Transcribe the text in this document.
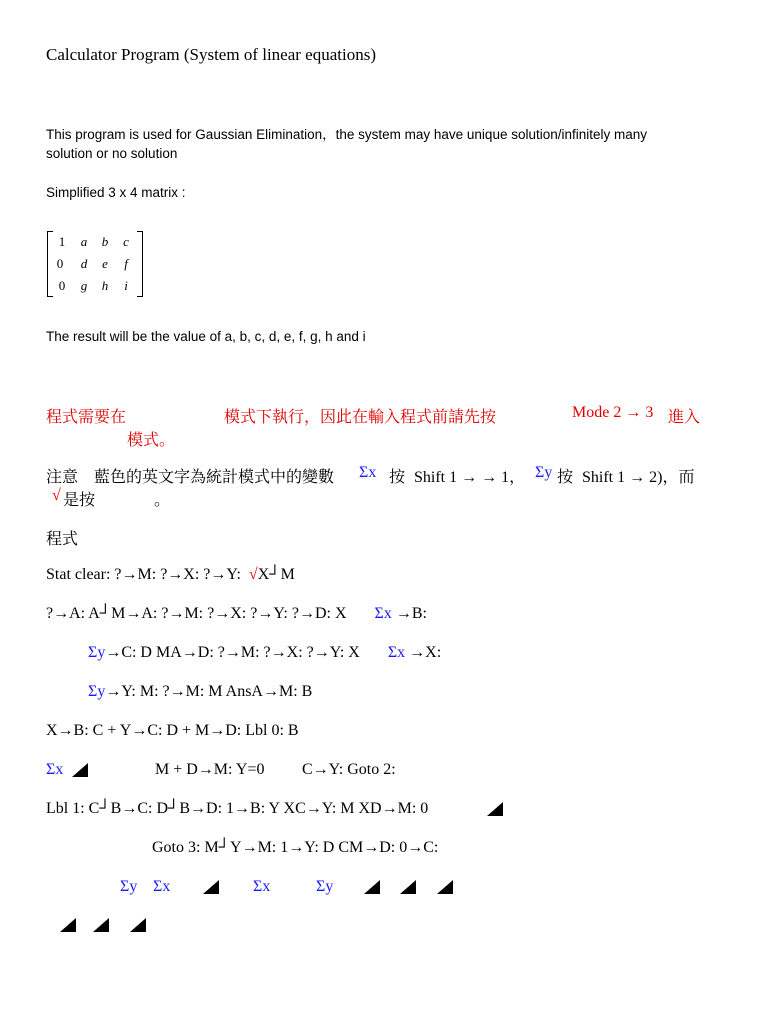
Calculator Program (System of linear equations)
This program is used for Gaussian Elimination，the system may have unique solution/infinitely many
solution or no solution
Simplified 3 x 4 matrix :
1	a	b	c
0	d	e	f
0	g	h	i
The result will be the value of a, b, c, d, e, f, g, h and i
程式需要在	模式下執行，因此在輸入程式前請先按	Mode 2 → 3 進入
模式。
注意 藍色的英文字為統計模式中的變數 Σx 按 Shift 1 → → 1， Σy 按 Shift 1 → 2)，而
√ 是按	。
程式
Stat clear: ?→M: ?→X: ?→Y: √X┘M
?→A: A┘M→A: ?→M: ?→X: ?→Y: ?→D: X Σx →B:
Σy→C: D MA→D: ?→M: ?→X: ?→Y: X Σx →X:
Σy→Y: M: ?→M: M AnsA→M: B
X→B: C + Y→C: D + M→D: Lbl 0: B
Σx	M + D→M: Y=0 C→Y: Goto 2:
Lbl 1: C┘B→C: D┘B→D: 1→B: Y XC→Y: M XD→M: 0
Goto 3: M┘Y→M: 1→Y: D CM→D: 0→C:
Σy Σx	Σx	Σy
